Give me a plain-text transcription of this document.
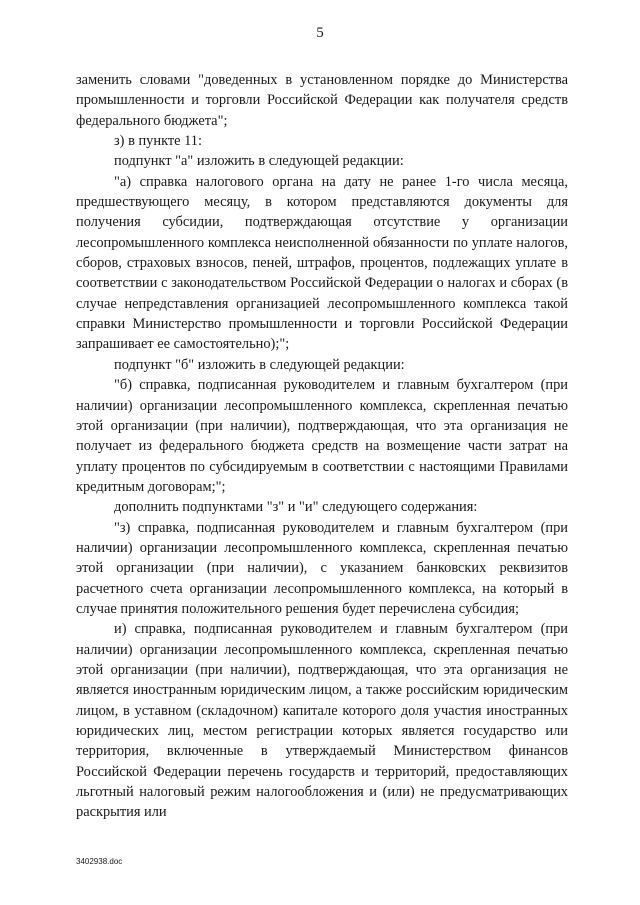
5

заменить словами "доведенных в установленном порядке до Министерства промышленности и торговли Российской Федерации как получателя средств федерального бюджета";

з) в пункте 11:

подпункт "а" изложить в следующей редакции:

"а) справка налогового органа на дату не ранее 1-го числа месяца, предшествующего месяцу, в котором представляются документы для получения субсидии, подтверждающая отсутствие у организации лесопромышленного комплекса неисполненной обязанности по уплате налогов, сборов, страховых взносов, пеней, штрафов, процентов, подлежащих уплате в соответствии с законодательством Российской Федерации о налогах и сборах (в случае непредставления организацией лесопромышленного комплекса такой справки Министерство промышленности и торговли Российской Федерации запрашивает ее самостоятельно);";

подпункт "б" изложить в следующей редакции:

"б) справка, подписанная руководителем и главным бухгалтером (при наличии) организации лесопромышленного комплекса, скрепленная печатью этой организации (при наличии), подтверждающая, что эта организация не получает из федерального бюджета средств на возмещение части затрат на уплату процентов по субсидируемым в соответствии с настоящими Правилами кредитным договорам;";

дополнить подпунктами "з" и "и" следующего содержания:

"з) справка, подписанная руководителем и главным бухгалтером (при наличии) организации лесопромышленного комплекса, скрепленная печатью этой организации (при наличии), с указанием банковских реквизитов расчетного счета организации лесопромышленного комплекса, на который в случае принятия положительного решения будет перечислена субсидия;

и) справка, подписанная руководителем и главным бухгалтером (при наличии) организации лесопромышленного комплекса, скрепленная печатью этой организации (при наличии), подтверждающая, что эта организация не является иностранным юридическим лицом, а также российским юридическим лицом, в уставном (складочном) капитале которого доля участия иностранных юридических лиц, местом регистрации которых является государство или территория, включенные в утверждаемый Министерством финансов Российской Федерации перечень государств и территорий, предоставляющих льготный налоговый режим налогообложения и (или) не предусматривающих раскрытия или

3402938.doc
